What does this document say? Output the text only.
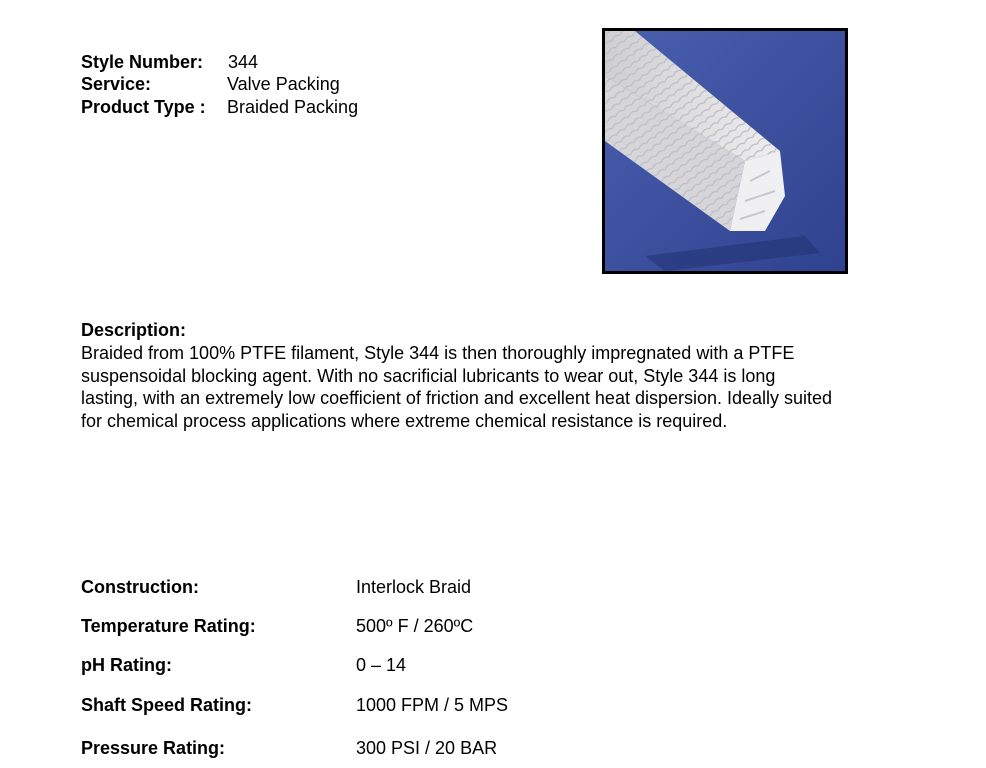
Style Number: 344
Service:	Valve Packing
Product Type : Braided Packing
Description:
Braided from 100% PTFE filament, Style 344 is then thoroughly impregnated with a PTFE
suspensoidal blocking agent. With no sacrificial lubricants to wear out, Style 344 is long
lasting, with an extremely low coefficient of friction and excellent heat dispersion. Ideally suited
for chemical process applications where extreme chemical resistance is required.
Construction:	Interlock Braid
Temperature Rating:	500º F / 260ºC
pH Rating:	0 – 14
Shaft Speed Rating:	1000 FPM / 5 MPS
Pressure Rating:	300 PSI / 20 BAR
